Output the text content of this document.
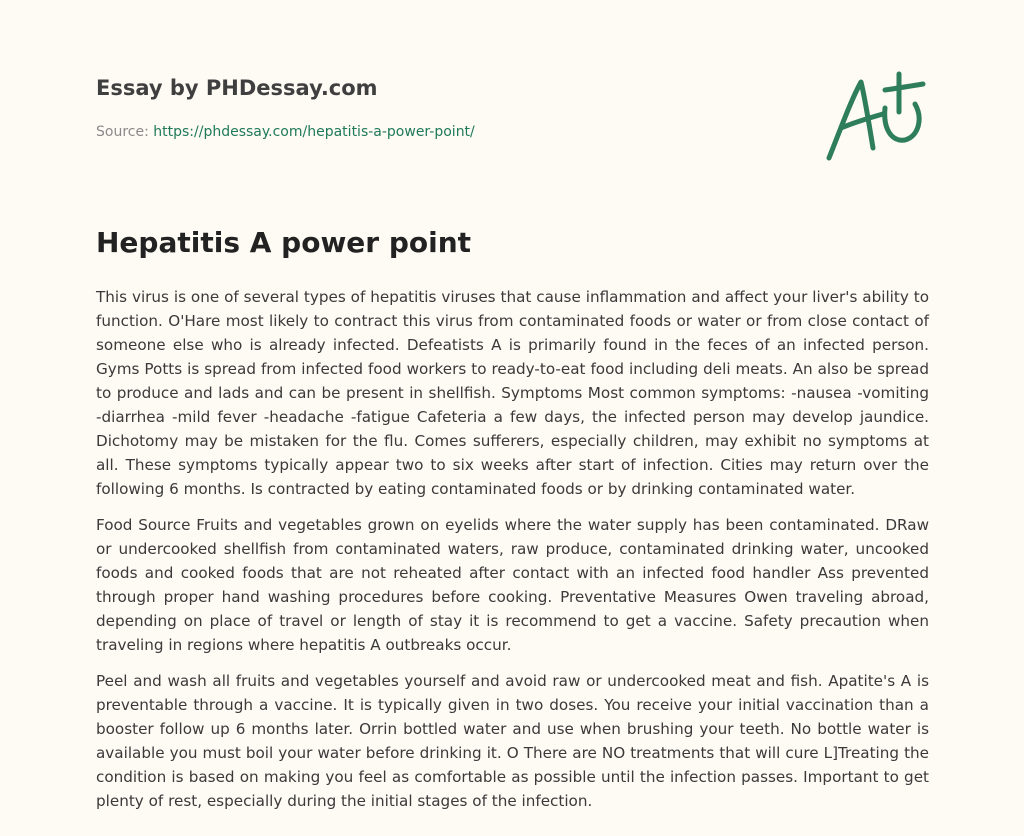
Essay by PHDessay.com
Source: https://phdessay.com/hepatitis-a-power-point/
Hepatitis A power point

This virus is one of several types of hepatitis viruses that cause inflammation and affect your liver's ability to function. O'Hare most likely to contract this virus from contaminated foods or water or from close contact of someone else who is already infected. Defeatists A is primarily found in the feces of an infected person. Gyms Potts is spread from infected food workers to ready-to-eat food including deli meats. An also be spread to produce and lads and can be present in shellfish. Symptoms Most common symptoms: -nausea -vomiting -diarrhea -mild fever -headache -fatigue Cafeteria a few days, the infected person may develop jaundice. Dichotomy may be mistaken for the flu. Comes sufferers, especially children, may exhibit no symptoms at all. These symptoms typically appear two to six weeks after start of infection. Cities may return over the following 6 months. Is contracted by eating contaminated foods or by drinking contaminated water.

Food Source Fruits and vegetables grown on eyelids where the water supply has been contaminated. DRaw or undercooked shellfish from contaminated waters, raw produce, contaminated drinking water, uncooked foods and cooked foods that are not reheated after contact with an infected food handler Ass prevented through proper hand washing procedures before cooking. Preventative Measures Owen traveling abroad, depending on place of travel or length of stay it is recommend to get a vaccine. Safety precaution when traveling in regions where hepatitis A outbreaks occur.

Peel and wash all fruits and vegetables yourself and avoid raw or undercooked meat and fish. Apatite's A is preventable through a vaccine. It is typically given in two doses. You receive your initial vaccination than a booster follow up 6 months later. Orrin bottled water and use when brushing your teeth. No bottle water is available you must boil your water before drinking it. O There are NO treatments that will cure L]Treating the condition is based on making you feel as comfortable as possible until the infection passes. Important to get plenty of rest, especially during the initial stages of the infection.
